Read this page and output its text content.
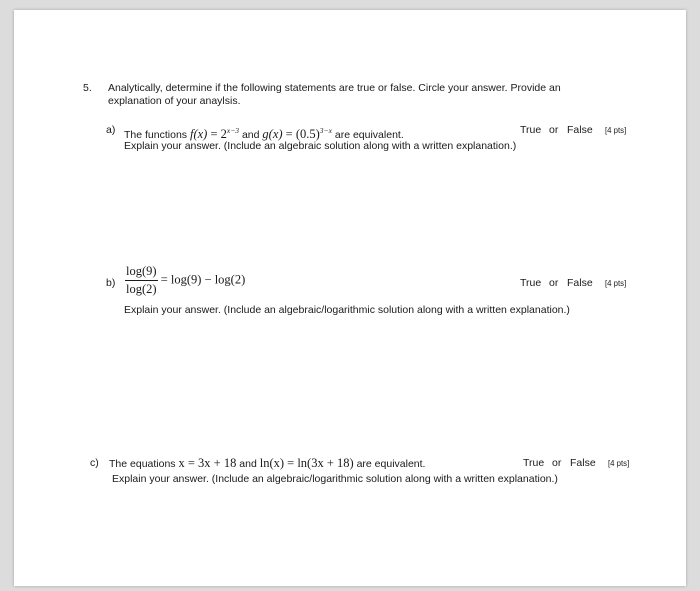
5. Analytically, determine if the following statements are true or false. Circle your answer. Provide an
explanation of your anaylsis.
a) The functions $f(x) = 2^{x-3}$ and $g(x) = (0.5)^{3-x}$ are equivalent.	True or False [4 pts]
Explain your answer. (Include an algebraic solution along with a written explanation.)
$b) \frac{\log(9)}{\log(2)} = \log(9) - \log(2)$	True or False [4 pts]
Explain your answer. (Include an algebraic/logarithmic solution along with a written explanation.)
c) The equations x = 3x + 18 and ln(x) = ln(3x + 18) are equivalent.	True or False [4 pts]
Explain your answer. (Include an algebraic/logarithmic solution along with a written explanation.)
